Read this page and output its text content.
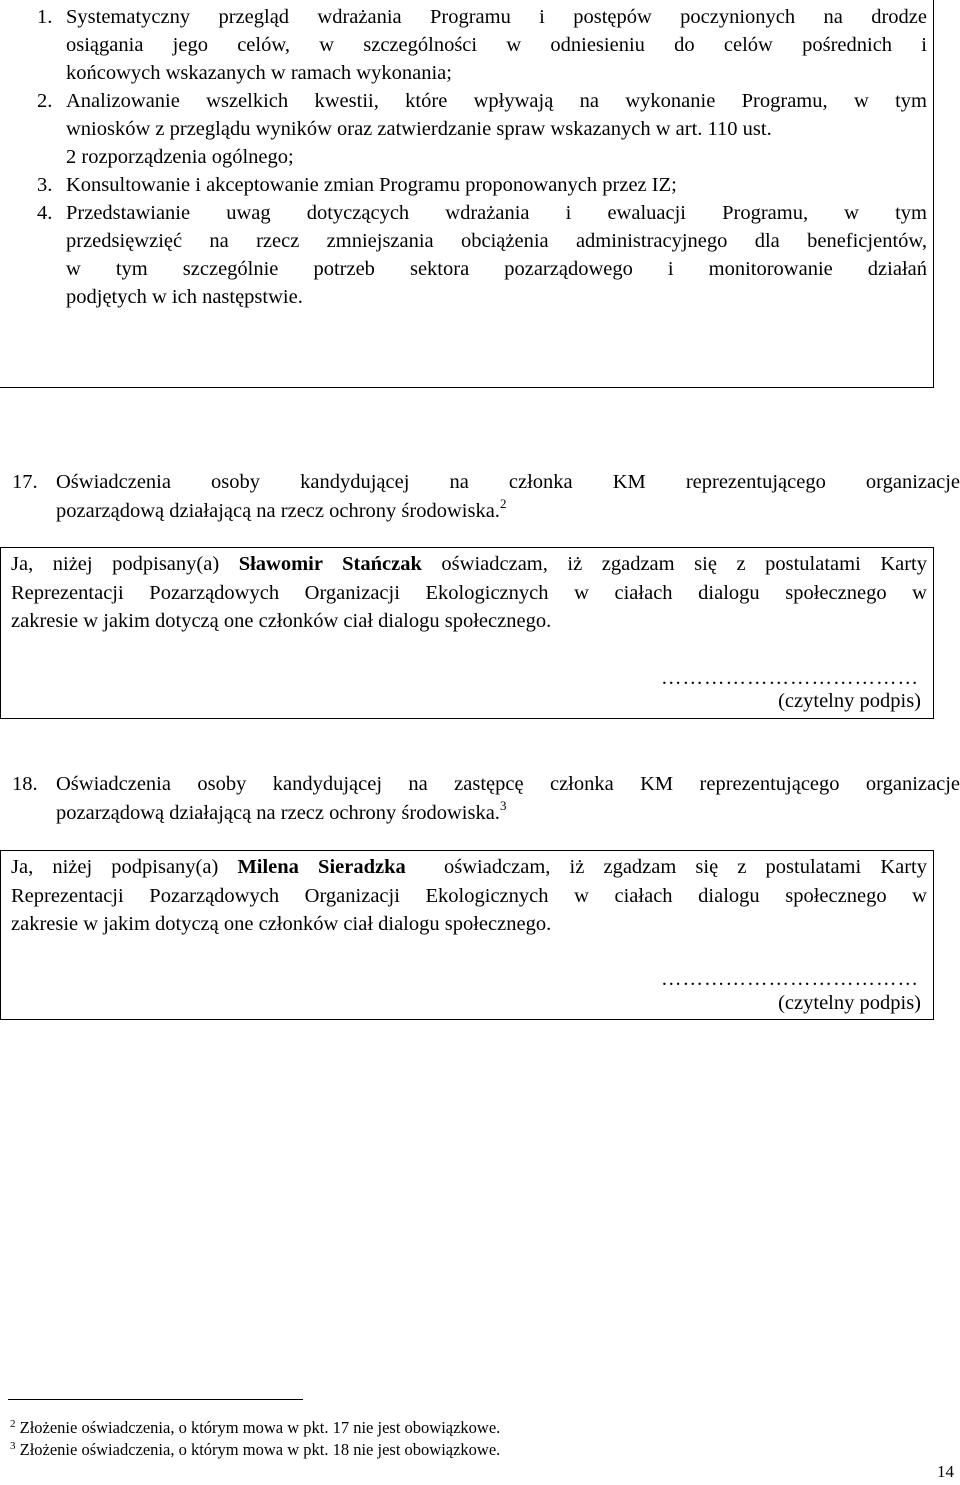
1. Systematyczny przegląd wdrażania Programu i postępów poczynionych na drodze
osiągania jego celów, w szczególności w odniesieniu do celów pośrednich i
końcowych wskazanych w ramach wykonania;
2. Analizowanie wszelkich kwestii, które wpływają na wykonanie Programu, w tym
wniosków z przeglądu wyników oraz zatwierdzanie spraw wskazanych w art. 110 ust.
2 rozporządzenia ogólnego;
3. Konsultowanie i akceptowanie zmian Programu proponowanych przez IZ;
4. Przedstawianie uwag dotyczących wdrażania i ewaluacji Programu, w tym
przedsięwzięć na rzecz zmniejszania obciążenia administracyjnego dla beneficjentów,
w tym szczególnie potrzeb sektora pozarządowego i monitorowanie działań
podjętych w ich następstwie.
17. Oświadczenia osoby kandydującej na członka KM reprezentującego organizacje
pozarządową działającą na rzecz ochrony środowiska.$^2$
Ja, niżej podpisany(a) Sławomir Stańczak oświadczam, iż zgadzam się z postulatami Karty
Reprezentacji Pozarządowych Organizacji Ekologicznych w ciałach dialogu społecznego w
zakresie w jakim dotyczą one członków ciał dialogu społecznego.
………………………………
(czytelny podpis)
18. Oświadczenia osoby kandydującej na zastępcę członka KM reprezentującego organizacje
pozarządową działającą na rzecz ochrony środowiska.$^3$
Ja, niżej podpisany(a) Milena Sieradzka  oświadczam, iż zgadzam się z postulatami Karty
Reprezentacji Pozarządowych Organizacji Ekologicznych w ciałach dialogu społecznego w
zakresie w jakim dotyczą one członków ciał dialogu społecznego.
………………………………
(czytelny podpis)
$^2$ Złożenie oświadczenia, o którym mowa w pkt. 17 nie jest obowiązkowe.
$^3$ Złożenie oświadczenia, o którym mowa w pkt. 18 nie jest obowiązkowe.
14
